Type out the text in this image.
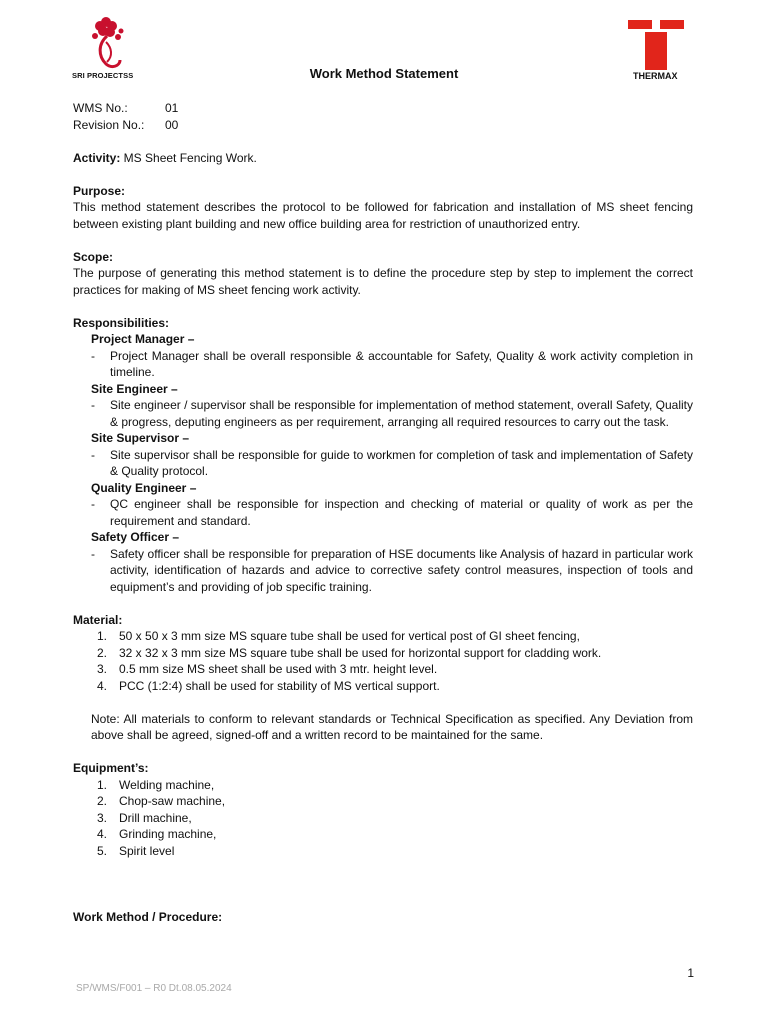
SRI PROJECTSS	Work Method Statement	THERMAX
WMS No.:	01
Revision No.:	00
Activity: MS Sheet Fencing Work.
Purpose:
This method statement describes the protocol to be followed for fabrication and installation of MS sheet fencing between existing plant building and new office building area for restriction of unauthorized entry.
Scope:
The purpose of generating this method statement is to define the procedure step by step to implement the correct practices for making of MS sheet fencing work activity.
Responsibilities:
Project Manager –
-	Project Manager shall be overall responsible & accountable for Safety, Quality & work activity completion in timeline.
Site Engineer –
-	Site engineer / supervisor shall be responsible for implementation of method statement, overall Safety, Quality & progress, deputing engineers as per requirement, arranging all required resources to carry out the task.
Site Supervisor –
-	Site supervisor shall be responsible for guide to workmen for completion of task and implementation of Safety & Quality protocol.
Quality Engineer –
-	QC engineer shall be responsible for inspection and checking of material or quality of work as per the requirement and standard.
Safety Officer –
-	Safety officer shall be responsible for preparation of HSE documents like Analysis of hazard in particular work activity, identification of hazards and advice to corrective safety control measures, inspection of tools and equipment’s and providing of job specific training.
Material:
1. 50 x 50 x 3 mm size MS square tube shall be used for vertical post of GI sheet fencing,
2. 32 x 32 x 3 mm size MS square tube shall be used for horizontal support for cladding work.
3. 0.5 mm size MS sheet shall be used with 3 mtr. height level.
4. PCC (1:2:4) shall be used for stability of MS vertical support.
Note: All materials to conform to relevant standards or Technical Specification as specified. Any Deviation from above shall be agreed, signed-off and a written record to be maintained for the same.
Equipment’s:
1. Welding machine,
2. Chop-saw machine,
3. Drill machine,
4. Grinding machine,
5. Spirit level
Work Method / Procedure:
1
SP/WMS/F001 – R0 Dt.08.05.2024
